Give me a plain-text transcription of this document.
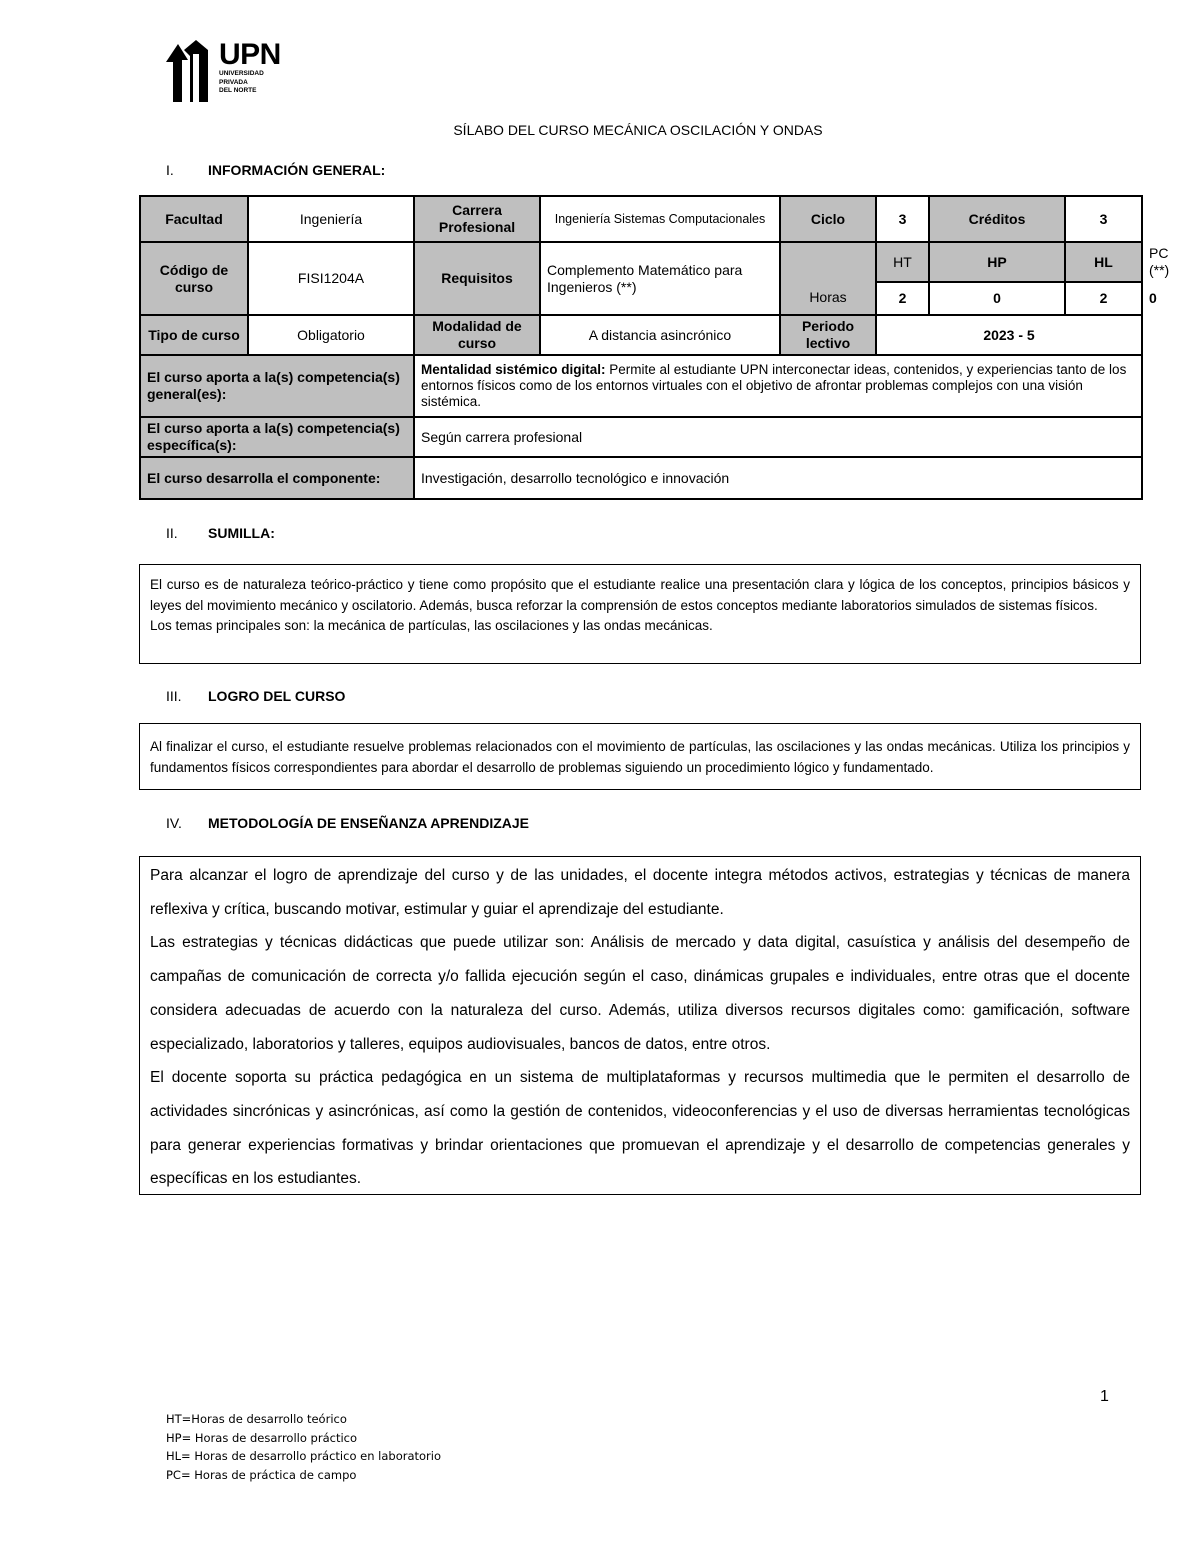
UPN
UNIVERSIDAD
PRIVADA
DEL NORTE
SÍLABO DEL CURSO MECÁNICA OSCILACIÓN Y ONDAS
I. INFORMACIÓN GENERAL:
Facultad	Ingeniería	Carrera Profesional	Ingeniería Sistemas Computacionales	Ciclo	3	Créditos	3	
Código de curso	FISI1204A	Requisitos	Complemento Matemático para Ingenieros (**)	Horas	HT	HP	HL	PC (**)
					2	0	2	0
Tipo de curso	Obligatorio	Modalidad de curso	A distancia asincrónico	Periodo lectivo	2023 - 5			
El curso aporta a la(s) competencia(s) general(es):		Mentalidad sistémico digital: Permite al estudiante UPN interconectar ideas, contenidos, y experiencias tanto de los entornos físicos como de los entornos virtuales con el objetivo de afrontar problemas complejos con una visión sistémica.						
El curso aporta a la(s) competencia(s) específica(s):		Según carrera profesional						
El curso desarrolla el componente:		Investigación, desarrollo tecnológico e innovación						
II. SUMILLA:

El curso es de naturaleza teórico-práctico y tiene como propósito que el estudiante realice una presentación clara y lógica de los conceptos, principios básicos y leyes del movimiento mecánico y oscilatorio. Además, busca reforzar la comprensión de estos conceptos mediante laboratorios simulados de sistemas físicos.

Los temas principales son: la mecánica de partículas, las oscilaciones y las ondas mecánicas.

III. LOGRO DEL CURSO

Al finalizar el curso, el estudiante resuelve problemas relacionados con el movimiento de partículas, las oscilaciones y las ondas mecánicas. Utiliza los principios y fundamentos físicos correspondientes para abordar el desarrollo de problemas siguiendo un procedimiento lógico y fundamentado.

IV. METODOLOGÍA DE ENSEÑANZA APRENDIZAJE

Para alcanzar el logro de aprendizaje del curso y de las unidades, el docente integra métodos activos, estrategias y técnicas de manera reflexiva y crítica, buscando motivar, estimular y guiar el aprendizaje del estudiante.

Las estrategias y técnicas didácticas que puede utilizar son: Análisis de mercado y data digital, casuística y análisis del desempeño de campañas de comunicación de correcta y/o fallida ejecución según el caso, dinámicas grupales e individuales, entre otras que el docente considera adecuadas de acuerdo con la naturaleza del curso. Además, utiliza diversos recursos digitales como: gamificación, software especializado, laboratorios y talleres, equipos audiovisuales, bancos de datos, entre otros.

El docente soporta su práctica pedagógica en un sistema de multiplataformas y recursos multimedia que le permiten el desarrollo de actividades sincrónicas y asincrónicas, así como la gestión de contenidos, videoconferencias y el uso de diversas herramientas tecnológicas para generar experiencias formativas y brindar orientaciones que promuevan el aprendizaje y el desarrollo de competencias generales y específicas en los estudiantes.

1
HT=Horas de desarrollo teórico
HP= Horas de desarrollo práctico
HL= Horas de desarrollo práctico en laboratorio
PC= Horas de práctica de campo
